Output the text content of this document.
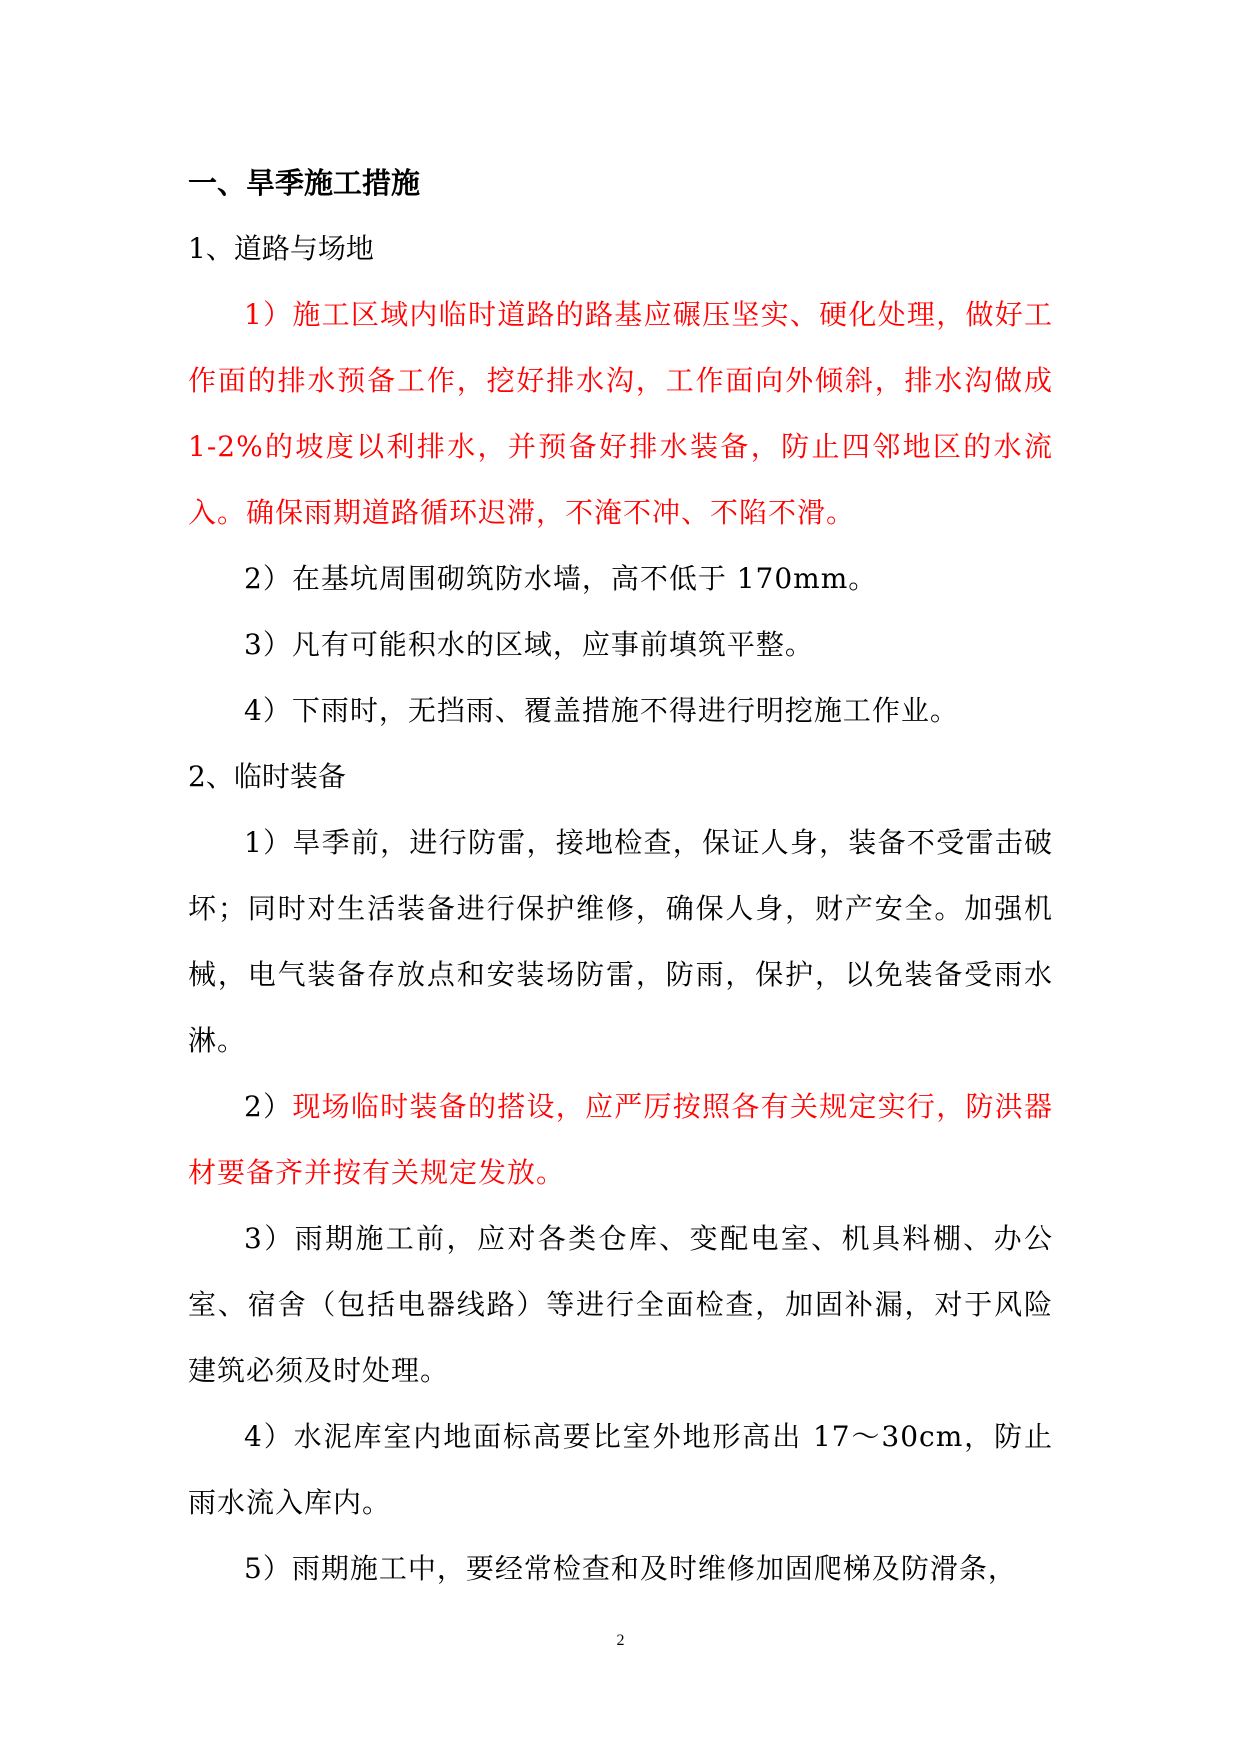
一、旱季施工措施

1、道路与场地

1）施工区域内临时道路的路基应碾压坚实、硬化处理，做好工作面的排水预备工作，挖好排水沟，工作面向外倾斜，排水沟做成 1-2%的坡度以利排水，并预备好排水装备，防止四邻地区的水流入。确保雨期道路循环迟滞，不淹不冲、不陷不滑。

2）在基坑周围砌筑防水墙，高不低于 170mm。

3）凡有可能积水的区域，应事前填筑平整。

4）下雨时，无挡雨、覆盖措施不得进行明挖施工作业。

2、临时装备

1）旱季前，进行防雷，接地检查，保证人身，装备不受雷击破坏；同时对生活装备进行保护维修，确保人身，财产安全。加强机械，电气装备存放点和安装场防雷，防雨，保护，以免装备受雨水淋。

2）现场临时装备的搭设，应严厉按照各有关规定实行，防洪器材要备齐并按有关规定发放。

3）雨期施工前，应对各类仓库、变配电室、机具料棚、办公室、宿舍（包括电器线路）等进行全面检查，加固补漏，对于风险建筑必须及时处理。

4）水泥库室内地面标高要比室外地形高出 17～30cm，防止雨水流入库内。

5）雨期施工中，要经常检查和及时维修加固爬梯及防滑条，

2
